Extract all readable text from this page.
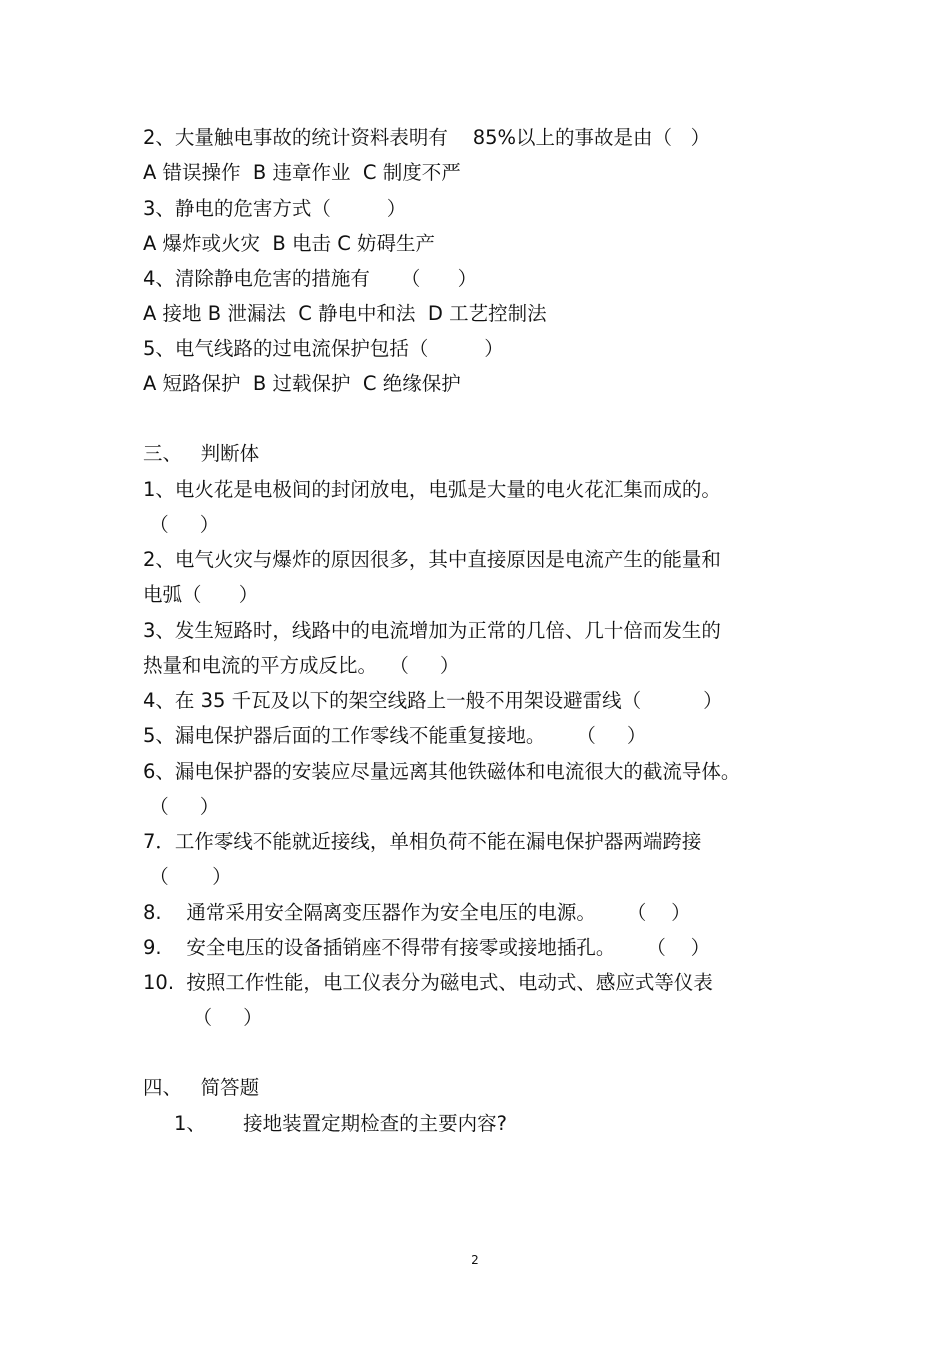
2、大量触电事故的统计资料表明有    85%以上的事故是由（   ）
A 错误操作  B 违章作业  C 制度不严
3、静电的危害方式（         ）
A 爆炸或火灾  B 电击 C 妨碍生产
4、清除静电危害的措施有     （      ）
A 接地 B 泄漏法  C 静电中和法  D 工艺控制法
5、电气线路的过电流保护包括（         ）
A 短路保护  B 过载保护  C 绝缘保护
三、   判断体
1、电火花是电极间的封闭放电，电弧是大量的电火花汇集而成的。
（     ）
2、电气火灾与爆炸的原因很多，其中直接原因是电流产生的能量和
电弧（      ）
3、发生短路时，线路中的电流增加为正常的几倍、几十倍而发生的
热量和电流的平方成反比。  （     ）
4、在 35 千瓦及以下的架空线路上一般不用架设避雷线（          ）
5、漏电保护器后面的工作零线不能重复接地。     （     ）
6、漏电保护器的安装应尽量远离其他铁磁体和电流很大的截流导体。
（     ）
7．工作零线不能就近接线，单相负荷不能在漏电保护器两端跨接
（       ）
8.    通常采用安全隔离变压器作为安全电压的电源。     （    ）
9.    安全电压的设备插销座不得带有接零或接地插孔。     （    ）
10.  按照工作性能，电工仪表分为磁电式、电动式、感应式等仪表
（     ）
四、   简答题
1、      接地装置定期检查的主要内容?
2
